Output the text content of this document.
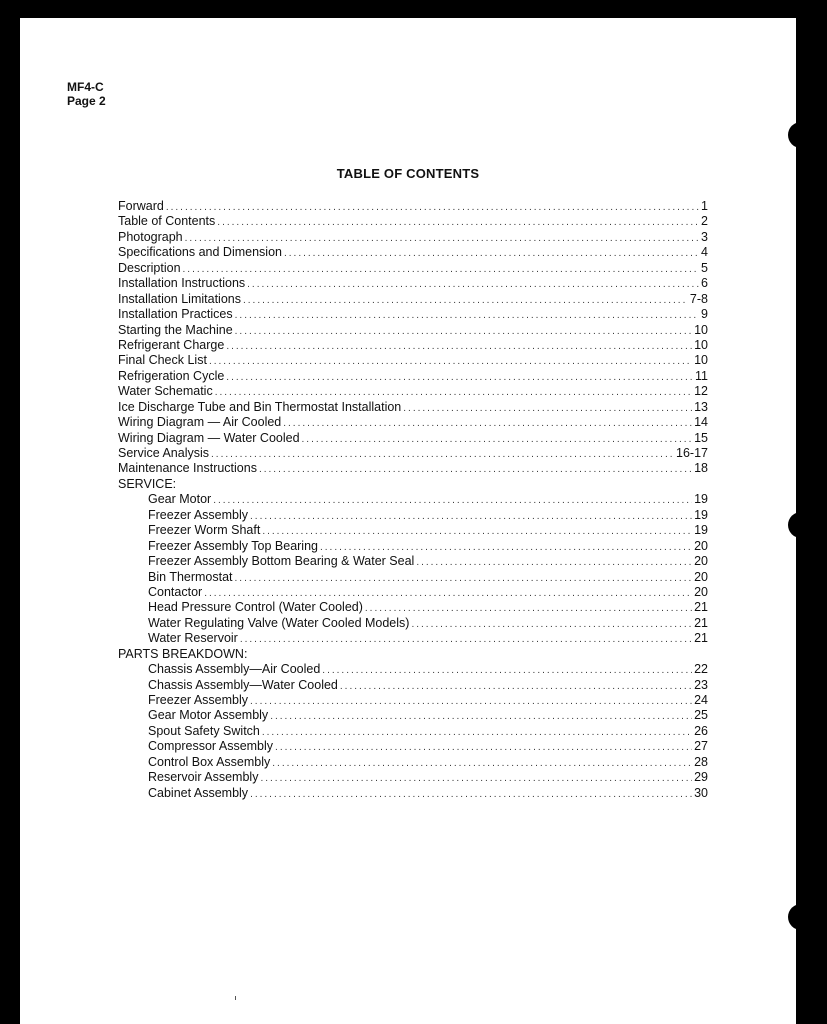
MF4-C
Page 2
TABLE OF CONTENTS
Forward .....	1
Table of Contents .....	2
Photograph .....	3
Specifications and Dimension .....	4
Description .....	5
Installation Instructions .....	6
Installation Limitations .....	7-8
Installation Practices .....	9
Starting the Machine .....	10
Refrigerant Charge .....	10
Final Check List .....	10
Refrigeration Cycle .....	11
Water Schematic .....	12
Ice Discharge Tube and Bin Thermostat Installation .....	13
Wiring Diagram — Air Cooled .....	14
Wiring Diagram — Water Cooled .....	15
Service Analysis .....	16-17
Maintenance Instructions .....	18
SERVICE:
Gear Motor .....	19
Freezer Assembly .....	19
Freezer Worm Shaft .....	19
Freezer Assembly Top Bearing .....	20
Freezer Assembly Bottom Bearing & Water Seal .....	20
Bin Thermostat .....	20
Contactor .....	20
Head Pressure Control (Water Cooled) .....	21
Water Regulating Valve (Water Cooled Models) .....	21
Water Reservoir .....	21
PARTS BREAKDOWN:
Chassis Assembly—Air Cooled .....	22
Chassis Assembly—Water Cooled .....	23
Freezer Assembly .....	24
Gear Motor Assembly .....	25
Spout Safety Switch .....	26
Compressor Assembly .....	27
Control Box Assembly .....	28
Reservoir Assembly .....	29
Cabinet Assembly .....	30
